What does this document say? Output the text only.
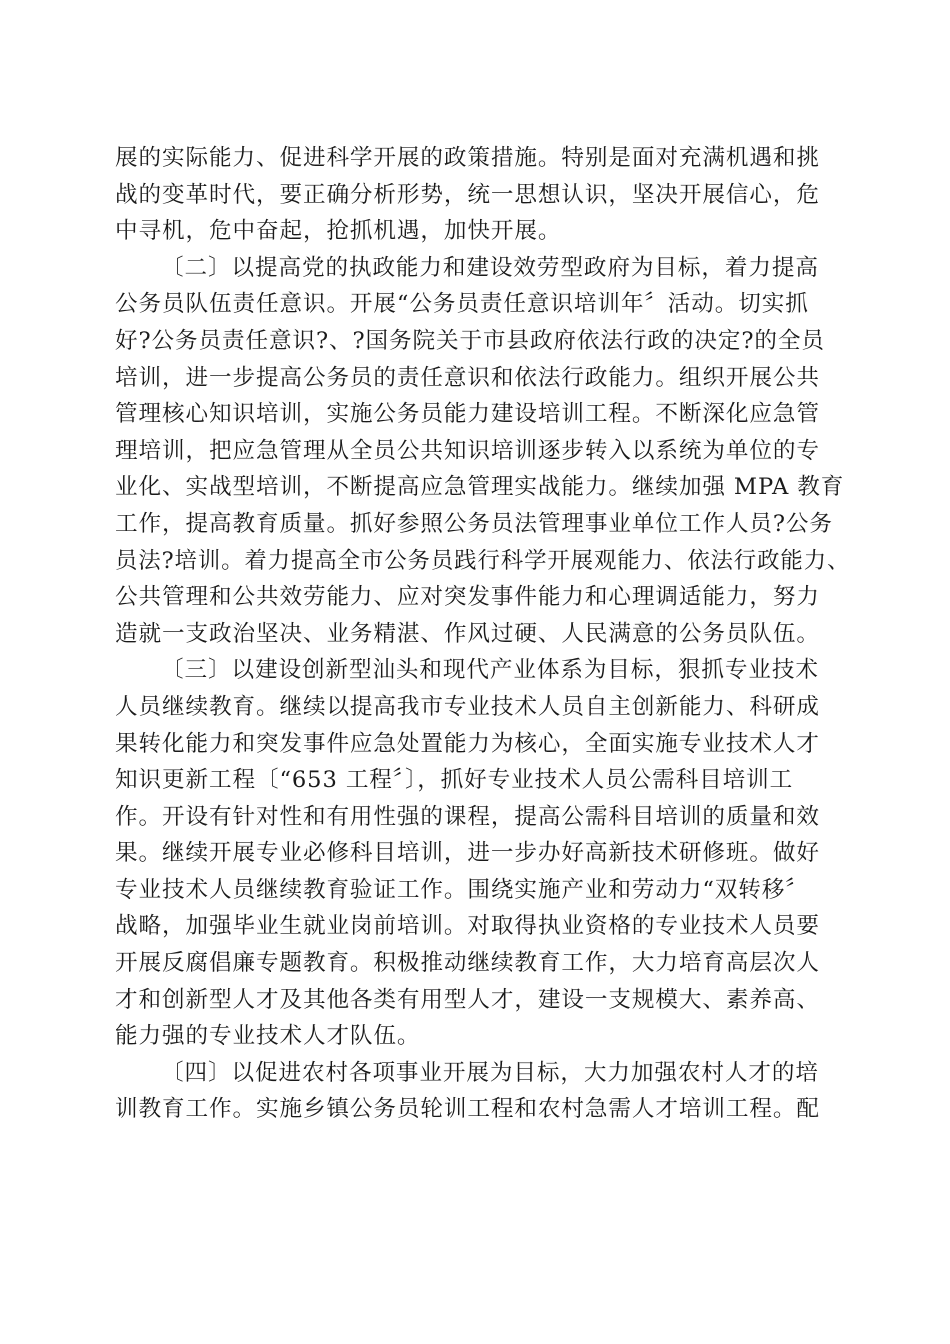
展的实际能力、促进科学开展的政策措施。特别是面对充满机遇和挑
战的变革时代，要正确分析形势，统一思想认识，坚决开展信心，危
中寻机，危中奋起，抢抓机遇，加快开展。
〔二〕以提高党的执政能力和建设效劳型政府为目标，着力提高
公务员队伍责任意识。开展“公务员责任意识培训年〞活动。切实抓
好?公务员责任意识?、?国务院关于市县政府依法行政的决定?的全员
培训，进一步提高公务员的责任意识和依法行政能力。组织开展公共
管理核心知识培训，实施公务员能力建设培训工程。不断深化应急管
理培训，把应急管理从全员公共知识培训逐步转入以系统为单位的专
业化、实战型培训，不断提高应急管理实战能力。继续加强 MPA 教育
工作，提高教育质量。抓好参照公务员法管理事业单位工作人员?公务
员法?培训。着力提高全市公务员践行科学开展观能力、依法行政能力、
公共管理和公共效劳能力、应对突发事件能力和心理调适能力，努力
造就一支政治坚决、业务精湛、作风过硬、人民满意的公务员队伍。
〔三〕以建设创新型汕头和现代产业体系为目标，狠抓专业技术
人员继续教育。继续以提高我市专业技术人员自主创新能力、科研成
果转化能力和突发事件应急处置能力为核心，全面实施专业技术人才
知识更新工程〔“653 工程〞〕，抓好专业技术人员公需科目培训工
作。开设有针对性和有用性强的课程，提高公需科目培训的质量和效
果。继续开展专业必修科目培训，进一步办好高新技术研修班。做好
专业技术人员继续教育验证工作。围绕实施产业和劳动力“双转移〞
战略，加强毕业生就业岗前培训。对取得执业资格的专业技术人员要
开展反腐倡廉专题教育。积极推动继续教育工作，大力培育高层次人
才和创新型人才及其他各类有用型人才，建设一支规模大、素养高、
能力强的专业技术人才队伍。
〔四〕以促进农村各项事业开展为目标，大力加强农村人才的培
训教育工作。实施乡镇公务员轮训工程和农村急需人才培训工程。配
